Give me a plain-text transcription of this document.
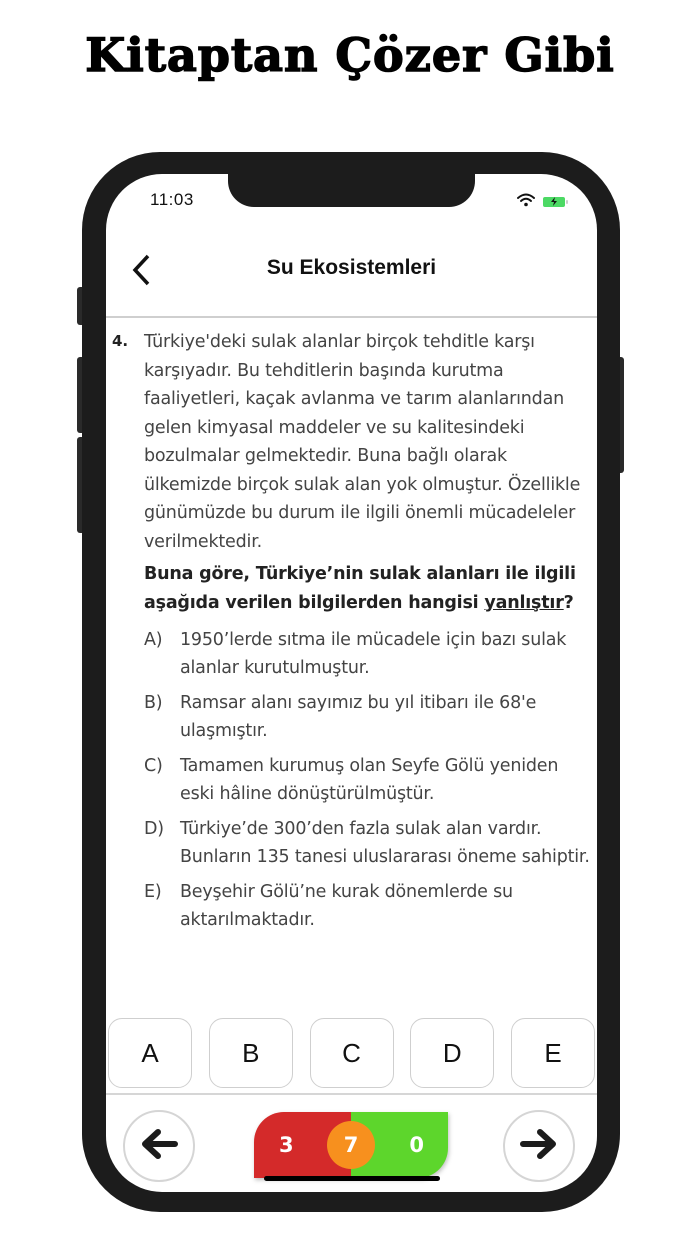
Kitaptan Çözer Gibi
11:03
Su Ekosistemleri
4. Türkiye'deki sulak alanlar birçok tehditle karşı karşıyadır. Bu tehditlerin başında kurutma faaliyetleri, kaçak avlanma ve tarım alanlarından gelen kimyasal maddeler ve su kalitesindeki bozulmalar gelmektedir. Buna bağlı olarak ülkemizde birçok sulak alan yok olmuştur. Özellikle günümüzde bu durum ile ilgili önemli mücadeleler verilmektedir.
Buna göre, Türkiye’nin sulak alanları ile ilgili aşağıda verilen bilgilerden hangisi yanlıştır?
A)	1950’lerde sıtma ile mücadele için bazı sulak alanlar kurutulmuştur.
B)	Ramsar alanı sayımız bu yıl itibarı ile 68'e ulaşmıştır.
C) Tamamen kurumuş olan Seyfe Gölü yeniden eski hâline dönüştürülmüştür.
D) Türkiye’de 300’den fazla sulak alan vardır. Bunların 135 tanesi uluslararası öneme sahiptir.
E)	Beyşehir Gölü’ne kurak dönemlerde su aktarılmaktadır.
A	B	C	D	E
3	0
7
